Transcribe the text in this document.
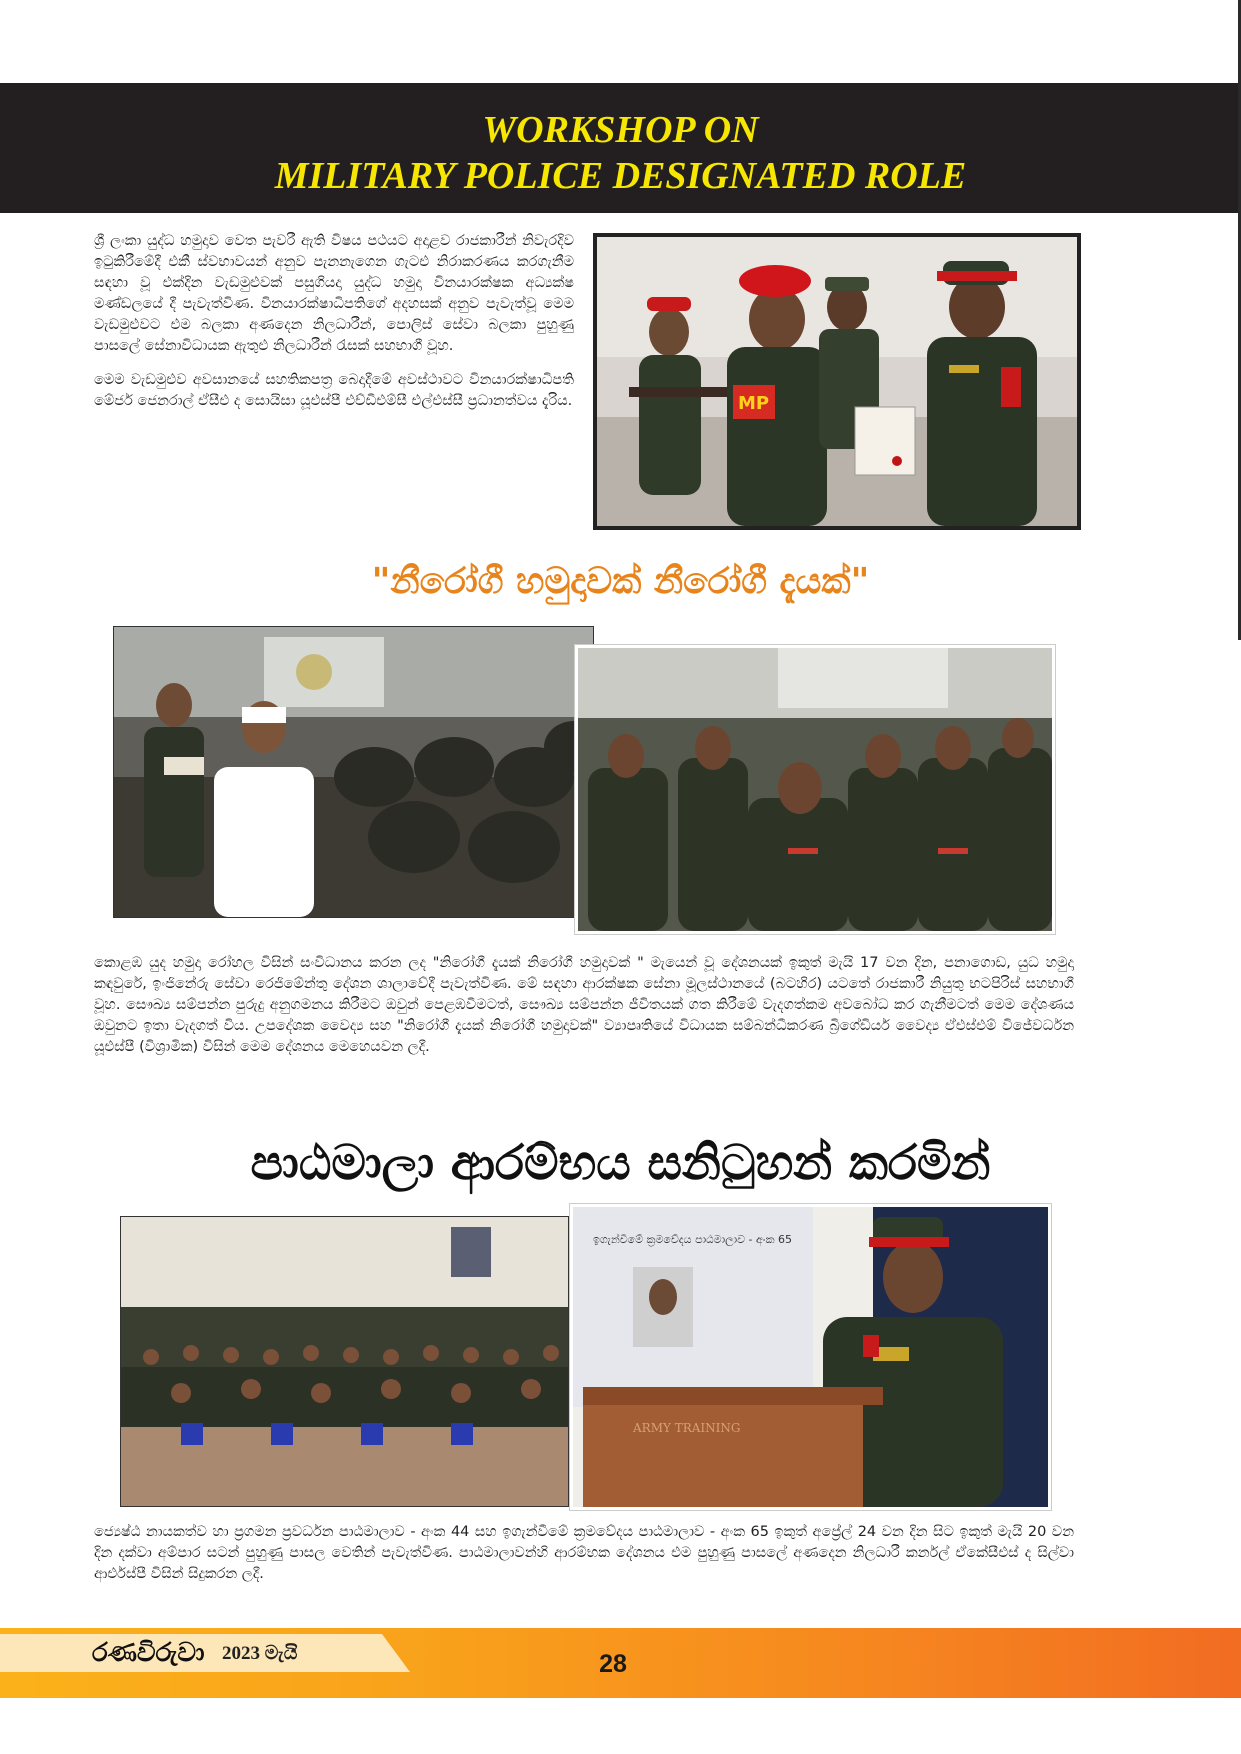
WORKSHOP ON
MILITARY POLICE DESIGNATED ROLE

ශ්‍රී ලංකා යුද්ධ හමුදාව වෙත පැවරී ඇති විෂය පථයට අදාළව රාජකාරීන් නිවැරදිව ඉටුකිරීමේදී එකී ස්වභාවයන් අනුව පැනනැගෙන ගැටළු නිරාකරණය කරගැනීම සඳහා වූ එක්දින වැඩමුළුවක් පසුගියදා යුද්ධ හමුදා විනයාරක්ෂක අධ්‍යක්ෂ මණ්ඩලයේ දී පැවැත්විණ. විනයාරක්ෂාධිපතිගේ අදහසක් අනුව පැවැත්වූ මෙම වැඩමුළුවට එම බලකා අණදෙන නිලධාරීන්, පොලිස් සේවා බලකා පුහුණු පාසලේ සේනාවිධායක ඇතුළු නිලධාරීන් රැසක් සහභාගී වූහ.

මෙම වැඩමුළුව අවසානයේ සහතිකපත්‍ර බෙදාදීමේ අවස්ථාවට විනයාරක්ෂාධිපති මේජර් ජෙනරාල් ඒසීඑ ද සොයිසා යූඑස්පී එච්ඩීඑම්සී එල්එස්සී ප්‍රධානත්වය දැරිය.	MP
"නීරෝගී හමුදාවක් නීරෝගී දැයක්"

කොළඹ යුද හමුදා රෝහල විසින් සංවිධානය කරන ලද "නිරෝගී දැයක් නිරෝගී හමුදාවක් " මැයෙන් වූ දේශනයක් ඉකුත් මැයි 17 වන දින, පනාගොඩ, යුධ හමුදා කඳවුරේ, ඉංජිනේරු සේවා රෙජිමේන්තු දේශන ශාලාවේදී පැවැත්විණ. මේ සඳහා ආරක්ෂක සේනා මූලස්ථානයේ (බටහිර) යටතේ රාජකාරී නියුතු භටපිරිස් සහභාගී වූහ. සෞඛ්‍ය සම්පන්න පුරුදු අනුගමනය කිරීමට ඔවුන් පෙළඹවීමටත්, සෞඛ්‍ය සම්පන්න ජීවිතයක් ගත කිරීමේ වැදගත්කම අවබෝධ කර ගැනීමටත් මෙම දේශණය ඔවුනට ඉතා වැදගත් විය. උපදේශක වෛද්‍ය සහ "නිරෝගී දැයක් නිරෝගී හමුදාවක්" ව්‍යාපෘතියේ විධායක සම්බන්ධීකරණ බ්‍රිගේඩියර් වෛද්‍ය ඒඑස්එම් විජේවර්ධන යූඑස්පී (විශ්‍රාමික) විසින් මෙම දේශනය මෙහෙයවන ලදී.

පාඨමාලා ආරම්භය සනිටුහන් කරමින්
ඉගැන්වීමේ ක්‍රමවේදය පාඨමාලාව - අංක 65
ARMY TRAINING

ජ්‍යෙෂ්ඨ නායකත්ව හා ප්‍රගමන ප්‍රවර්ධන පාඨමාලාව - අංක 44 සහ ඉගැන්වීමේ ක්‍රමවේදය පාඨමාලාව - අංක 65 ඉකුත් අප්‍රේල් 24 වන දින සිට ඉකුත් මැයි 20 වන දින දක්වා අම්පාර සටන් පුහුණු පාසල වෙතින් පැවැත්විණ. පාඨමාලාවන්හි ආරම්භක දේශනය එම පුහුණු පාසලේ අණදෙන නිලධාරී කර්නල් ඒකේසීඑස් ද සිල්වා ආර්එස්පී විසින් සිදුකරන ලදී.

රණවිරුවා 2023 මැයි	28
